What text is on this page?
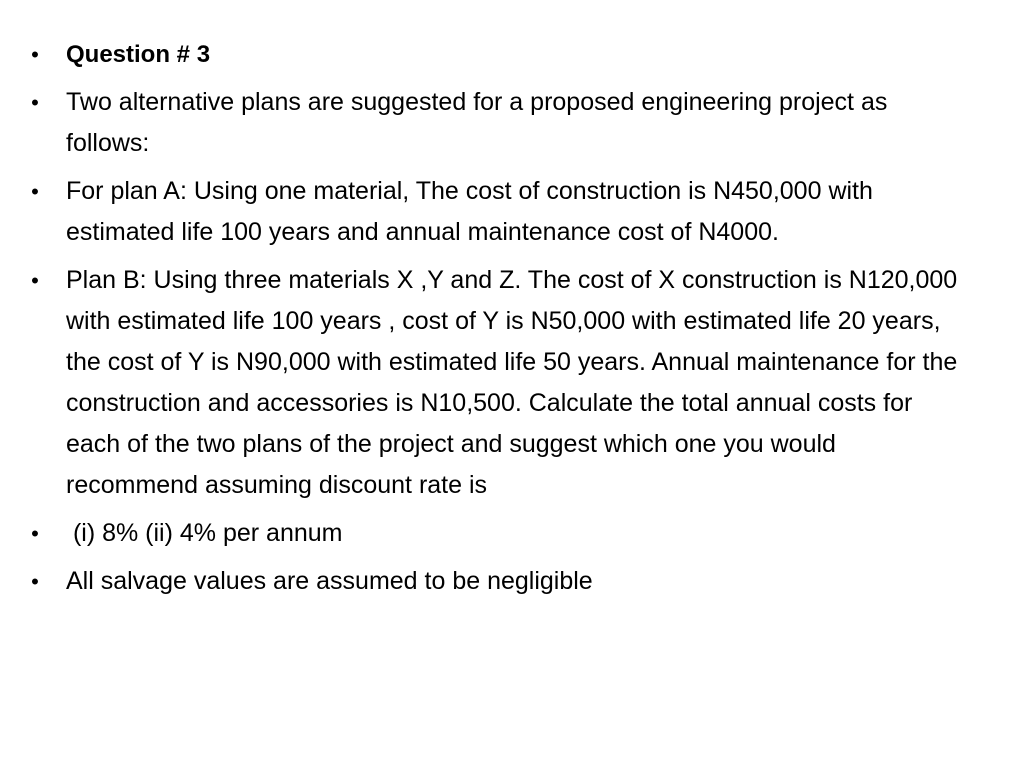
• Question # 3
• Two alternative plans are suggested for a proposed engineering project as follows:
• For plan A: Using one material, The cost of construction is N450,000 with estimated life 100 years and annual maintenance cost of N4000.
• Plan B: Using three materials X ,Y and Z. The cost of X construction is N120,000 with estimated life 100 years , cost of Y is N50,000 with estimated life 20 years, the cost of Y is N90,000 with estimated life 50 years. Annual maintenance for the construction and accessories is N10,500. Calculate the total annual costs for each of the two plans of the project and suggest which one you would recommend assuming discount rate is
• (i) 8% (ii) 4% per annum
• All salvage values are assumed to be negligible
